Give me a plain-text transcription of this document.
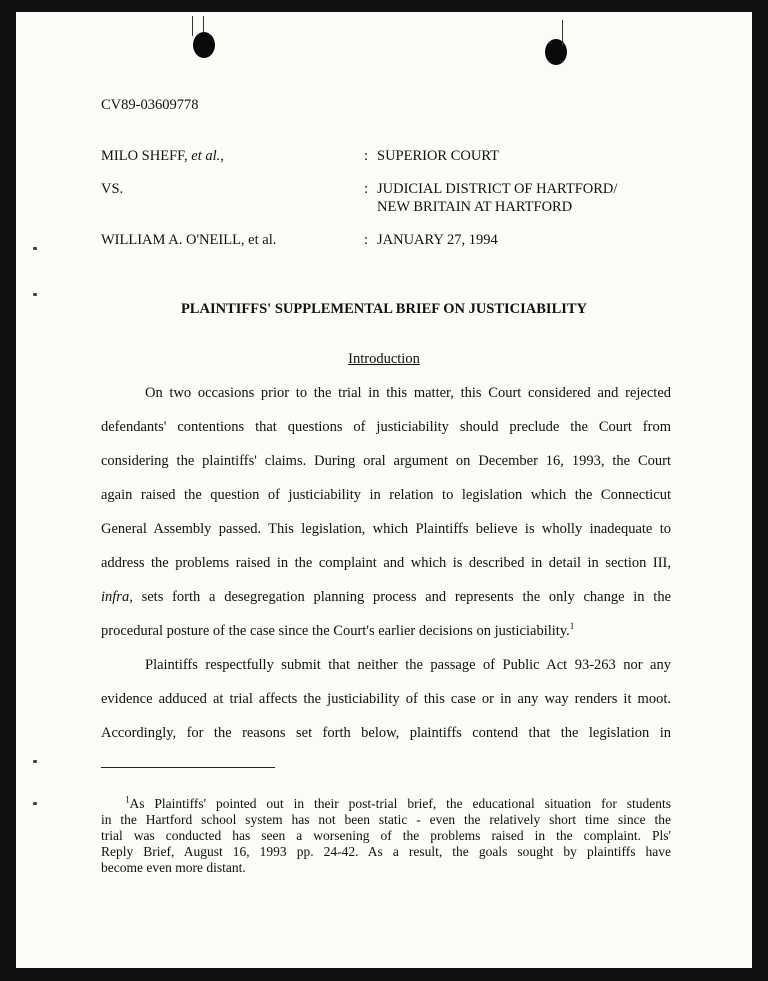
CV89-03609778
MILO SHEFF, et al.,	: SUPERIOR COURT
VS.	: JUDICIAL DISTRICT OF HARTFORD/
NEW BRITAIN AT HARTFORD
WILLIAM A. O'NEILL, et al.	: JANUARY 27, 1994
PLAINTIFFS' SUPPLEMENTAL BRIEF ON JUSTICIABILITY
Introduction
On two occasions prior to the trial in this matter, this Court considered and rejected
defendants' contentions that questions of justiciability should preclude the Court from
considering the plaintiffs' claims. During oral argument on December 16, 1993, the Court
again raised the question of justiciability in relation to legislation which the Connecticut
General Assembly passed. This legislation, which Plaintiffs believe is wholly inadequate to
address the problems raised in the complaint and which is described in detail in section III,
infra, sets forth a desegregation planning process and represents the only change in the
procedural posture of the case since the Court's earlier decisions on justiciability.$^1$
Plaintiffs respectfully submit that neither the passage of Public Act 93-263 nor any
evidence adduced at trial affects the justiciability of this case or in any way renders it moot.
Accordingly, for the reasons set forth below, plaintiffs contend that the legislation in
$^1$As Plaintiffs' pointed out in their post-trial brief, the educational situation for students
in the Hartford school system has not been static - even the relatively short time since the
trial was conducted has seen a worsening of the problems raised in the complaint. Pls'
Reply Brief, August 16, 1993 pp. 24-42. As a result, the goals sought by plaintiffs have
become even more distant.
